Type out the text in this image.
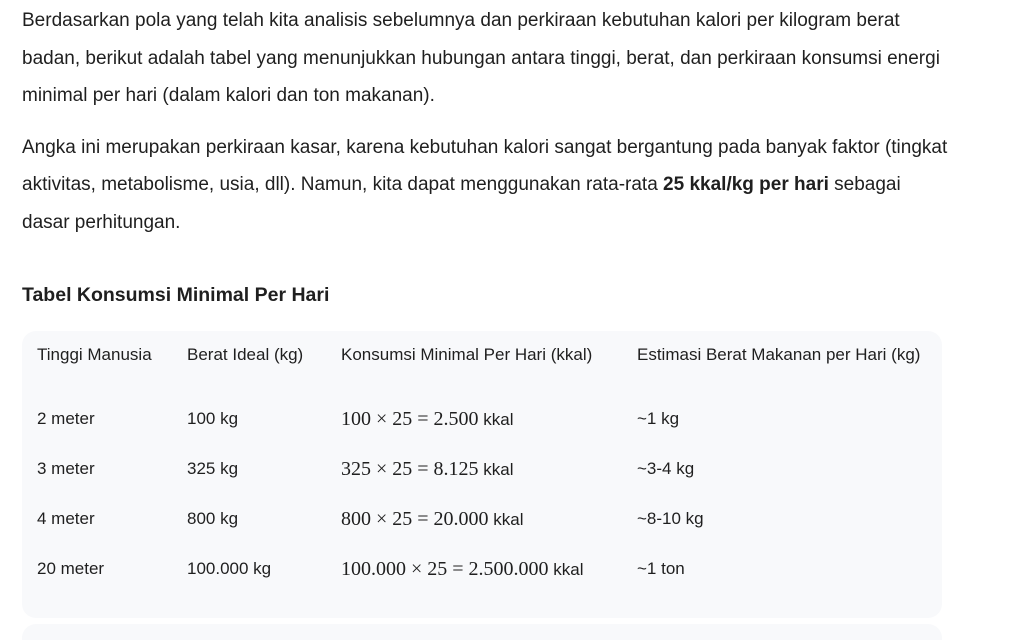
Berdasarkan pola yang telah kita analisis sebelumnya dan perkiraan kebutuhan kalori per kilogram berat badan, berikut adalah tabel yang menunjukkan hubungan antara tinggi, berat, dan perkiraan konsumsi energi minimal per hari (dalam kalori dan ton makanan).

Angka ini merupakan perkiraan kasar, karena kebutuhan kalori sangat bergantung pada banyak faktor (tingkat aktivitas, metabolisme, usia, dll). Namun, kita dapat menggunakan rata-rata 25 kkal/kg per hari sebagai dasar perhitungan.

Tabel Konsumsi Minimal Per Hari
Tinggi Manusia	Berat Ideal (kg)	Konsumsi Minimal Per Hari (kkal)	Estimasi Berat Makanan per Hari (kg)
2 meter	100 kg	100 × 25 = 2.500 kkal	~1 kg
3 meter	325 kg	325 × 25 = 8.125 kkal	~3-4 kg
4 meter	800 kg	800 × 25 = 20.000 kkal	~8-10 kg
20 meter	100.000 kg	100.000 × 25 = 2.500.000 kkal	~1 ton
